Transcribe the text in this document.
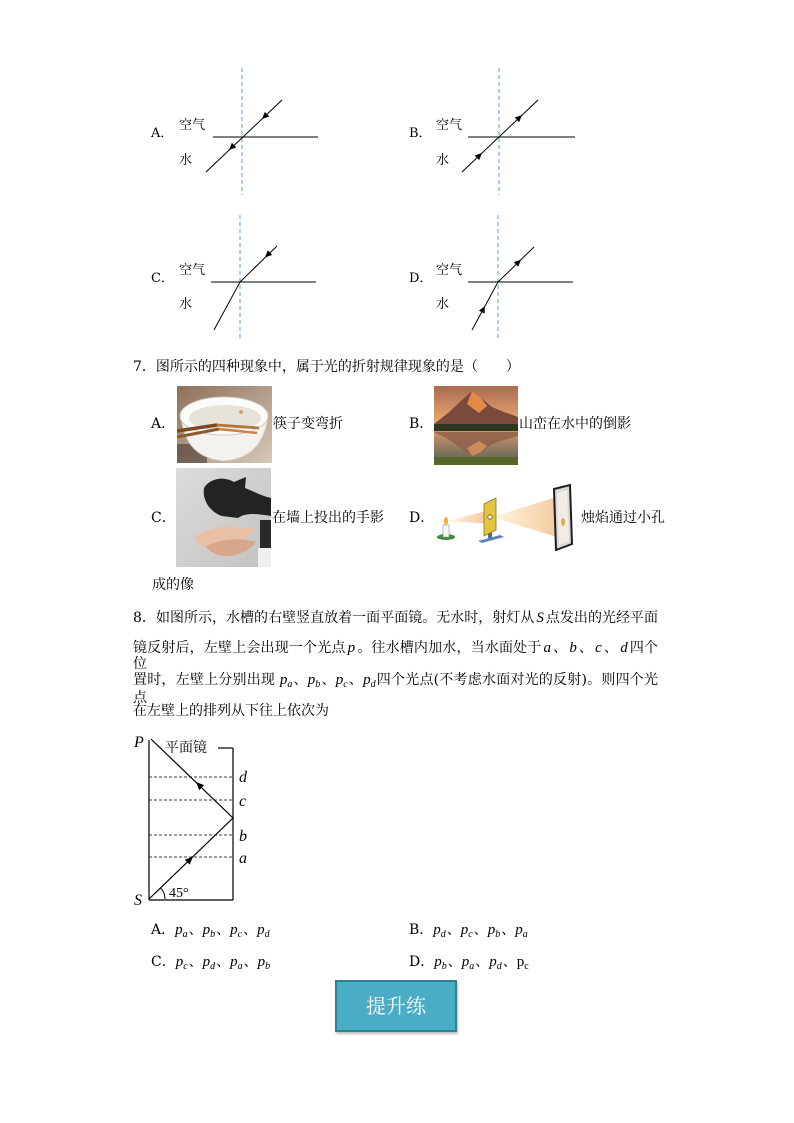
A．
空气
水
B．
空气
水
C．
空气
水
D．
空气
水
7．图所示的四种现象中，属于光的折射规律现象的是（　　）
A．	筷子变弯折	B．	山峦在水中的倒影
C．	在墙上投出的手影 D．	烛焰通过小孔
成的像
8．如图所示，水槽的右壁竖直放着一面平面镜。无水时，射灯从 S 点发出的光经平面
镜反射后，左壁上会出现一个光点 p 。往水槽内加水，当水面处于 a 、 b 、 c 、 d 四个位
置时，左壁上分别出现 $p_a$、$p_b$、$p_c$、$p_d$四个光点(不考虑水面对光的反射)。则四个光点
在左壁上的排列从下往上依次为
45°
P
S
平面镜
d
c
b
a
A．$p_a$、$p_b$、$p_c$、$p_d$	B．$p_d$、$p_c$、$p_b$、$p_a$
C．$p_c$、$p_d$、$p_a$、$p_b$	D．$p_b$、$p_a$、$p_d$、$p_c$
提升练
